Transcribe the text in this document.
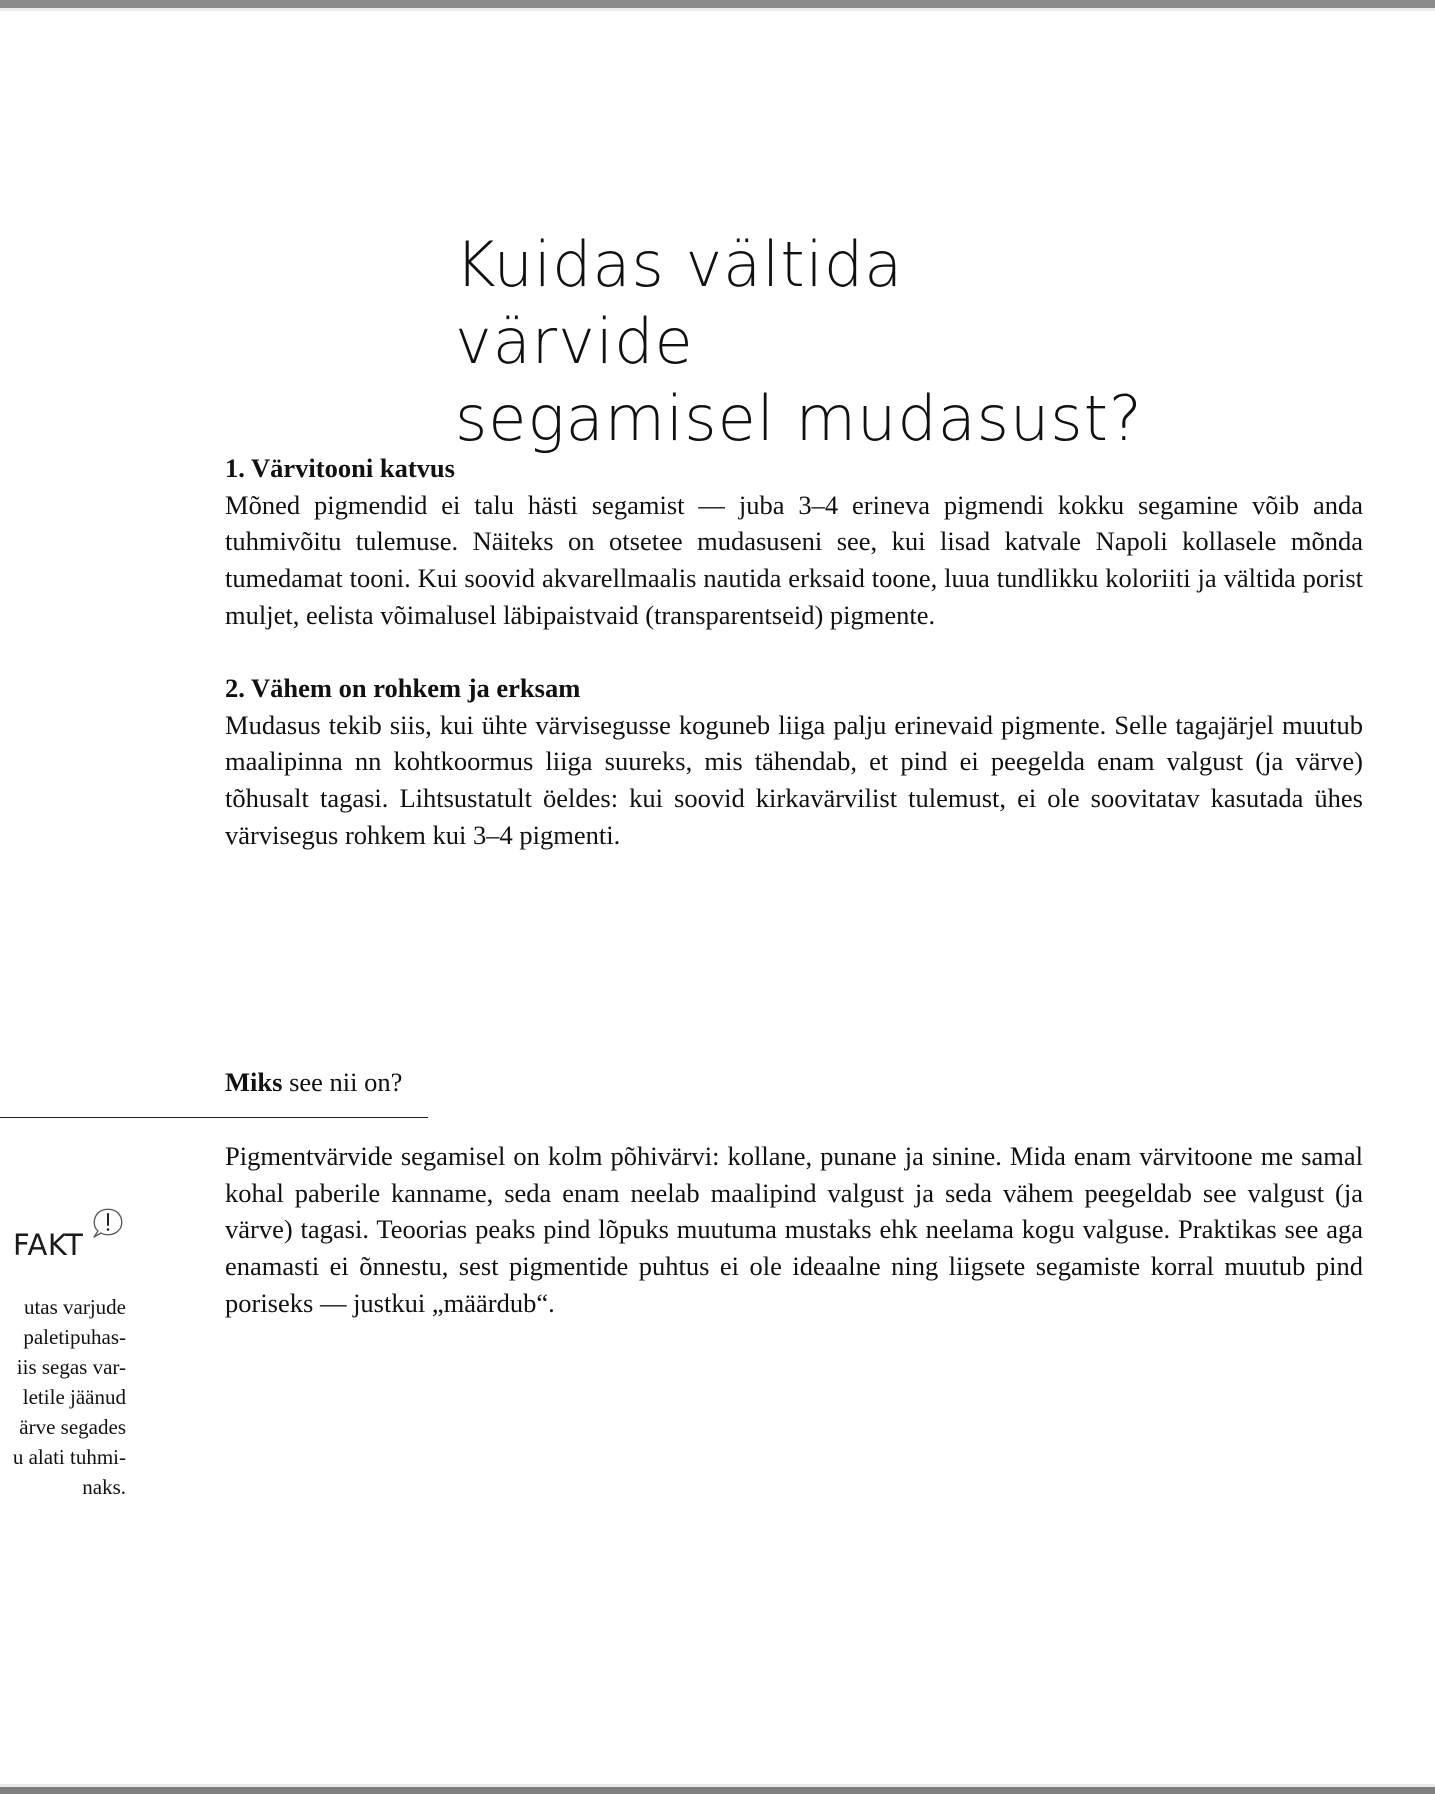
Kuidas vältida värvide
segamisel mudasust?
1. Värvitooni katvus

Mõned pigmendid ei talu hästi segamist — juba 3–4 erineva pigmendi kokku segamine võib anda tuhmivõitu tulemuse. Näiteks on otsetee mudasuseni see, kui lisad katvale Napoli kollasele mõnda tumedamat tooni. Kui soovid akvarellmaalis nautida erksaid toone, luua tundlikku koloriiti ja vältida porist muljet, eelista võimalusel läbipaistvaid (transparentseid) pigmente.

2. Vähem on rohkem ja erksam

Mudasus tekib siis, kui ühte värvisegusse koguneb liiga palju erinevaid pigmente. Selle tagajärjel muutub maalipinna nn kohtkoormus liiga suureks, mis tähendab, et pind ei peegelda enam valgust (ja värve) tõhusalt tagasi. Lihtsustatult öeldes: kui soovid kirkavärvilist tulemust, ei ole soovitatav kasutada ühes värvisegus rohkem kui 3–4 pigmenti.

Miks see nii on?

Pigmentvärvide segamisel on kolm põhivärvi: kollane, punane ja sinine. Mida enam värvitoone me samal kohal paberile kanname, seda enam neelab maalipind valgust ja seda vähem peegeldab see valgust (ja värve) tagasi. Teoorias peaks pind lõpuks muutuma mustaks ehk neelama kogu valguse. Praktikas see aga enamasti ei õnnestu, sest pigmentide puhtus ei ole ideaalne ning liigsete segamiste korral muutub pind poriseks — justkui „määrdub“.

FAKT
utas varjude
paletipuhas-
iis segas var-
letile jäänud
ärve segades
u alati tuhmi-
naks.
